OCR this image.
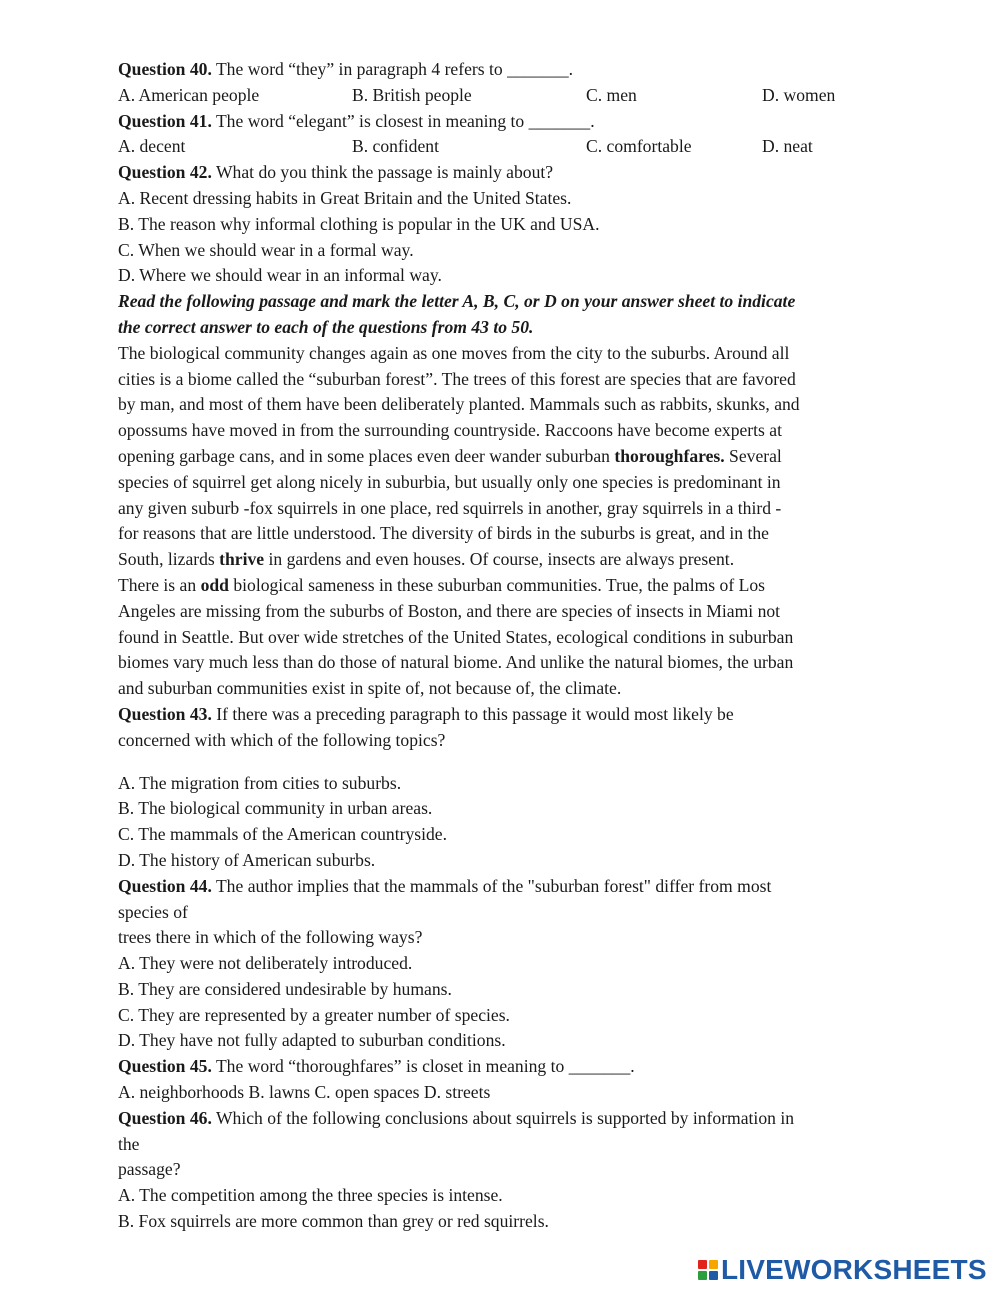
Question 40. The word “they” in paragraph 4 refers to _______.
A. American people	B. British people	C. men	D. women
Question 41. The word “elegant” is closest in meaning to _______.
A. decent	B. confident	C. comfortable	D. neat
Question 42. What do you think the passage is mainly about?
A. Recent dressing habits in Great Britain and the United States.
B. The reason why informal clothing is popular in the UK and USA.
C. When we should wear in a formal way.
D. Where we should wear in an informal way.
Read the following passage and mark the letter A, B, C, or D on your answer sheet to indicate
the correct answer to each of the questions from 43 to 50.
The biological community changes again as one moves from the city to the suburbs. Around all
cities is a biome called the “suburban forest”. The trees of this forest are species that are favored
by man, and most of them have been deliberately planted. Mammals such as rabbits, skunks, and
opossums have moved in from the surrounding countryside. Raccoons have become experts at
opening garbage cans, and in some places even deer wander suburban thoroughfares. Several
species of squirrel get along nicely in suburbia, but usually only one species is predominant in
any given suburb -fox squirrels in one place, red squirrels in another, gray squirrels in a third -
for reasons that are little understood. The diversity of birds in the suburbs is great, and in the
South, lizards thrive in gardens and even houses. Of course, insects are always present.
There is an odd biological sameness in these suburban communities. True, the palms of Los
Angeles are missing from the suburbs of Boston, and there are species of insects in Miami not
found in Seattle. But over wide stretches of the United States, ecological conditions in suburban
biomes vary much less than do those of natural biome. And unlike the natural biomes, the urban
and suburban communities exist in spite of, not because of, the climate.
Question 43. If there was a preceding paragraph to this passage it would most likely be
concerned with which of the following topics?
A. The migration from cities to suburbs.
B. The biological community in urban areas.
C. The mammals of the American countryside.
D. The history of American suburbs.
Question 44. The author implies that the mammals of the "suburban forest" differ from most
species of
trees there in which of the following ways?
A. They were not deliberately introduced.
B. They are considered undesirable by humans.
C. They are represented by a greater number of species.
D. They have not fully adapted to suburban conditions.
Question 45. The word “thoroughfares” is closet in meaning to _______.
A. neighborhoods B. lawns C. open spaces D. streets
Question 46. Which of the following conclusions about squirrels is supported by information in
the
passage?
A. The competition among the three species is intense.
B. Fox squirrels are more common than grey or red squirrels.
LIVEWORKSHEETS
